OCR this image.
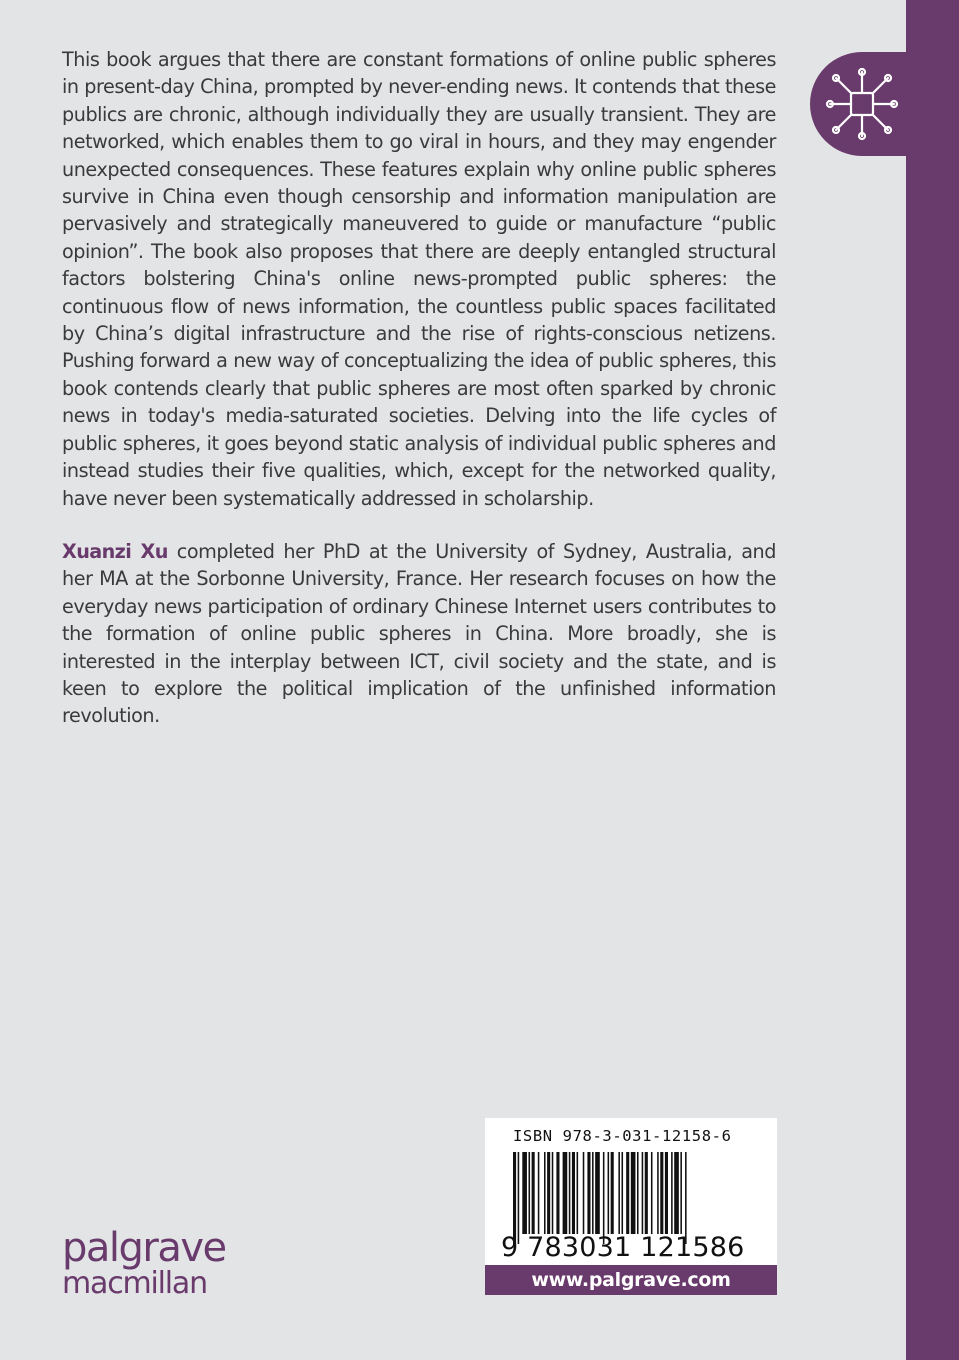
This book argues that there are constant formations of online public spheres in present-day China, prompted by never-ending news. It contends that these publics are chronic, although individually they are usually transient. They are networked, which enables them to go viral in hours, and they may engender unexpected consequences. These features explain why online public spheres survive in China even though censorship and information manipulation are pervasively and strategically maneuvered to guide or manufacture “public opinion”. The book also proposes that there are deeply entangled structural factors bolstering China's online news-prompted public spheres: the continuous flow of news information, the countless public spaces facilitated by China’s digital infrastructure and the rise of rights-conscious netizens. Pushing forward a new way of conceptualizing the idea of public spheres, this book contends clearly that public spheres are most often sparked by chronic news in today's media-saturated societies. Delving into the life cycles of public spheres, it goes beyond static analysis of individual public spheres and instead studies their five qualities, which, except for the networked quality, have never been systematically addressed in scholarship.

Xuanzi Xu completed her PhD at the University of Sydney, Australia, and her MA at the Sorbonne University, France. Her research focuses on how the everyday news participation of ordinary Chinese Internet users contributes to the formation of online public spheres in China. More broadly, she is interested in the interplay between ICT, civil society and the state, and is keen to explore the political implication of the unfinished information revolution.

palgrave
macmillan
ISBN 978-3-031-12158-6
9 783031 121586
www.palgrave.com
